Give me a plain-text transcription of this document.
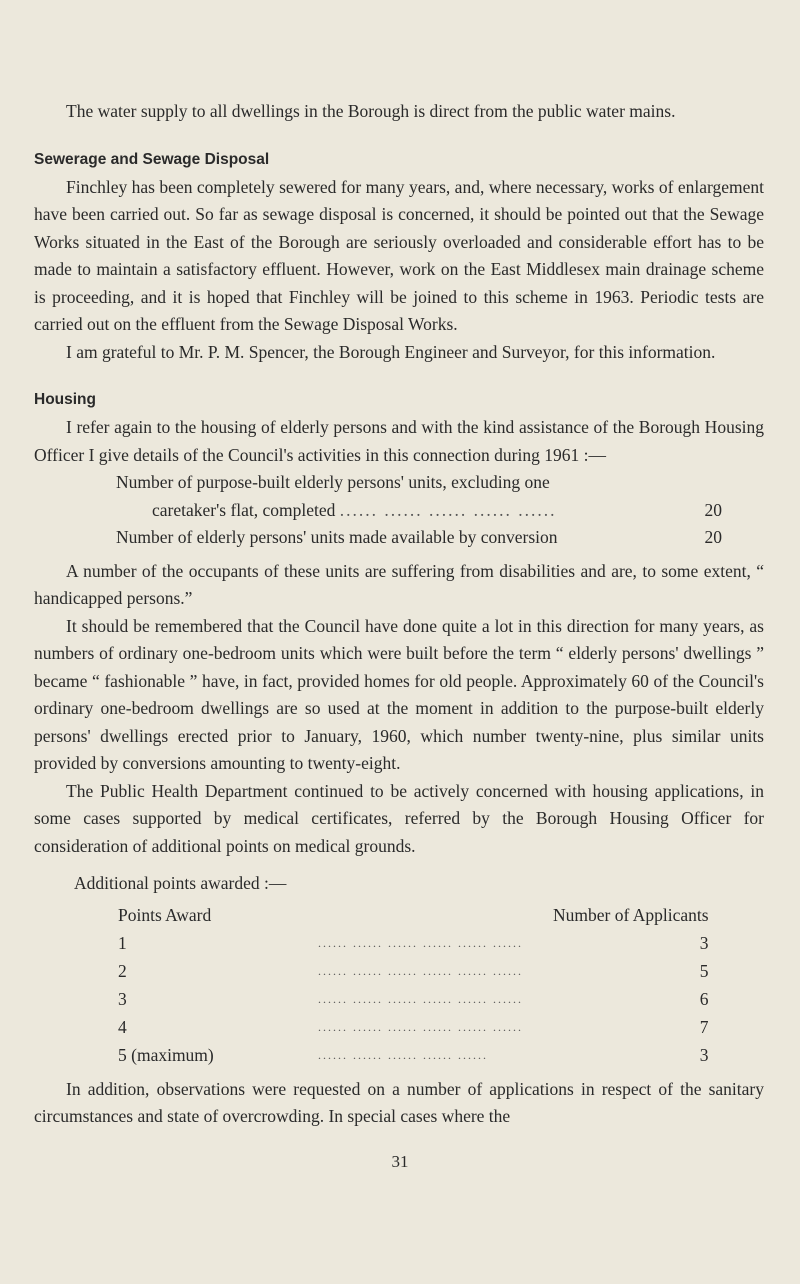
The water supply to all dwellings in the Borough is direct from the public water mains.

Sewerage and Sewage Disposal

Finchley has been completely sewered for many years, and, where necessary, works of enlargement have been carried out. So far as sewage disposal is concerned, it should be pointed out that the Sewage Works situated in the East of the Borough are seriously overloaded and considerable effort has to be made to maintain a satisfactory effluent. However, work on the East Middlesex main drainage scheme is proceeding, and it is hoped that Finchley will be joined to this scheme in 1963. Periodic tests are carried out on the effluent from the Sewage Disposal Works.

I am grateful to Mr. P. M. Spencer, the Borough Engineer and Surveyor, for this information.

Housing

I refer again to the housing of elderly persons and with the kind assistance of the Borough Housing Officer I give details of the Council's activities in this connection during 1961 :—

Number of purpose-built elderly persons' units, excluding one
caretaker's flat, completed ...... ...... ...... ...... ......	20
Number of elderly persons' units made available by conversion	20

A number of the occupants of these units are suffering from disabilities and are, to some extent, “ handicapped persons.”

It should be remembered that the Council have done quite a lot in this direction for many years, as numbers of ordinary one-bedroom units which were built before the term “ elderly persons' dwellings ” became “ fashionable ” have, in fact, provided homes for old people. Approximately 60 of the Council's ordinary one-bedroom dwellings are so used at the moment in addition to the purpose-built elderly persons' dwellings erected prior to January, 1960, which number twenty-nine, plus similar units provided by conversions amounting to twenty-eight.

The Public Health Department continued to be actively concerned with housing applications, in some cases supported by medical certificates, referred by the Borough Housing Officer for consideration of additional points on medical grounds.

Additional points awarded :—
Points Award		Number of Applicants
1	...... ...... ...... ...... ...... ......	3
2	...... ...... ...... ...... ...... ......	5
3	...... ...... ...... ...... ...... ......	6
4	...... ...... ...... ...... ...... ......	7
5 (maximum)	...... ...... ...... ...... ......	3

In addition, observations were requested on a number of applications in respect of the sanitary circumstances and state of overcrowding. In special cases where the

31
